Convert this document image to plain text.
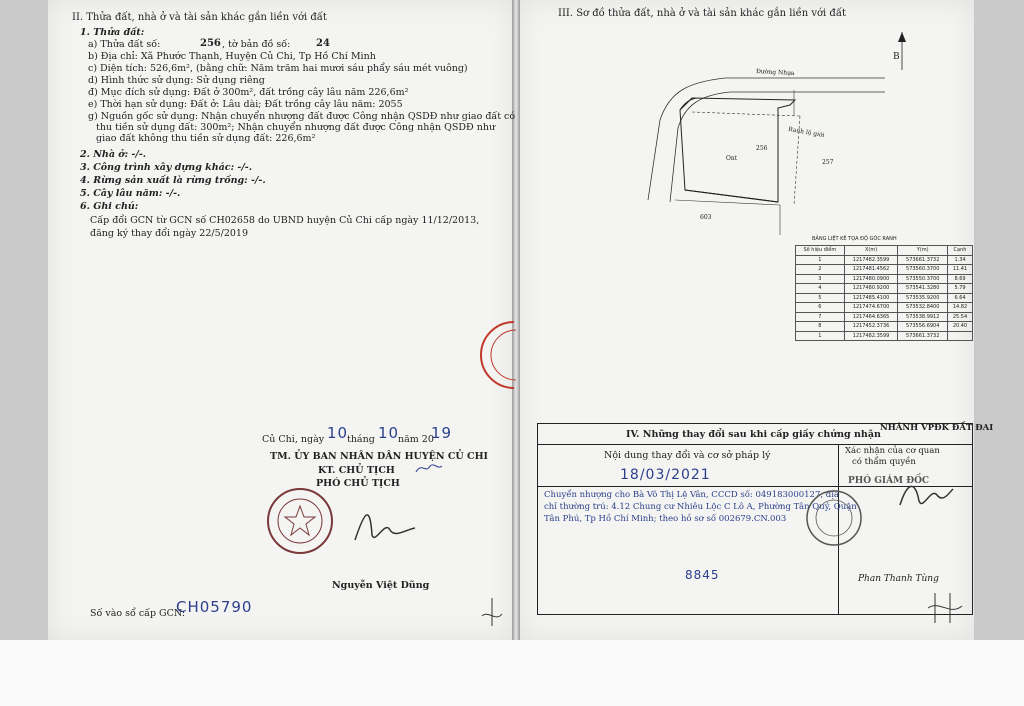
II. Thửa đất, nhà ở và tài sản khác gắn liền với đất
1. Thửa đất:
a) Thửa đất số:	256 , tờ bản đồ số:	24
b) Địa chỉ: Xã Phước Thạnh, Huyện Củ Chi, Tp Hồ Chí Minh
c) Diện tích: 526,6m², (bằng chữ: Năm trăm hai mươi sáu phẩy sáu mét vuông)
d) Hình thức sử dụng: Sử dụng riêng
đ) Mục đích sử dụng: Đất ở 300m², đất trồng cây lâu năm 226,6m²
e) Thời hạn sử dụng: Đất ở: Lâu dài; Đất trồng cây lâu năm: 2055
g) Nguồn gốc sử dụng: Nhận chuyển nhượng đất được Công nhận QSDĐ như giao đất có
thu tiền sử dụng đất: 300m²; Nhận chuyển nhượng đất được Công nhận QSDĐ như
giao đất không thu tiền sử dụng đất: 226,6m²
2. Nhà ở: -/-.
3. Công trình xây dựng khác: -/-.
4. Rừng sản xuất là rừng trồng: -/-.
5. Cây lâu năm: -/-.
6. Ghi chú:
Cấp đổi GCN từ GCN số CH02658 do UBND huyện Củ Chi cấp ngày 11/12/2013,
đăng ký thay đổi ngày 22/5/2019
Củ Chi, ngày 10
tháng 10
năm 20
19
TM. ỦY BAN NHÂN DÂN HUYỆN CỦ CHI
KT. CHỦ TỊCH
PHÓ CHỦ TỊCH
Nguyễn Việt Dũng
Số vào sổ cấp GCN:
CH05790
III. Sơ đồ thửa đất, nhà ở và tài sản khác gắn liền với đất
B
Đường Nhựa
Ranh lộ giới
256
Ont
257
603
BẢNG LIỆT KÊ TỌA ĐỘ GÓC RANH
Số hiệu điểm	X(m)	Y(m)	Cạnh
1	1217482.3599	573661.3732	1.34
2	1217481.4562	573560.3700	11.41
3	1217480.0900	573550.3700	8.69
4	1217480.9200	573541.3280	5.79
5	1217485.4100	573535.9200	6.64
6	1217474.6700	573532.8400	14.82
7	1217464.6365	573538.9912	25.54
8	1217452.3736	573556.6904	20.40
1	1217482.3599	573661.3732	
IV. Những thay đổi sau khi cấp giấy chứng nhận
Nội dung thay đổi và cơ sở pháp lý	Xác nhận của cơ quan
có thẩm quyền
NHÁNH VPĐK ĐẤT ĐAI
18/03/2021
Chuyển nhượng cho Bà Võ Thị Lệ Vân, CCCD số: 049183000127, địa
chỉ thường trú: 4.12 Chung cư Nhiêu Lộc C Lô A, Phường Tân Quý, Quận
Tân Phú, Tp Hồ Chí Minh; theo hồ sơ số 002679.CN.003
PHÓ GIÁM ĐỐC
Phan Thanh Tùng
8845
